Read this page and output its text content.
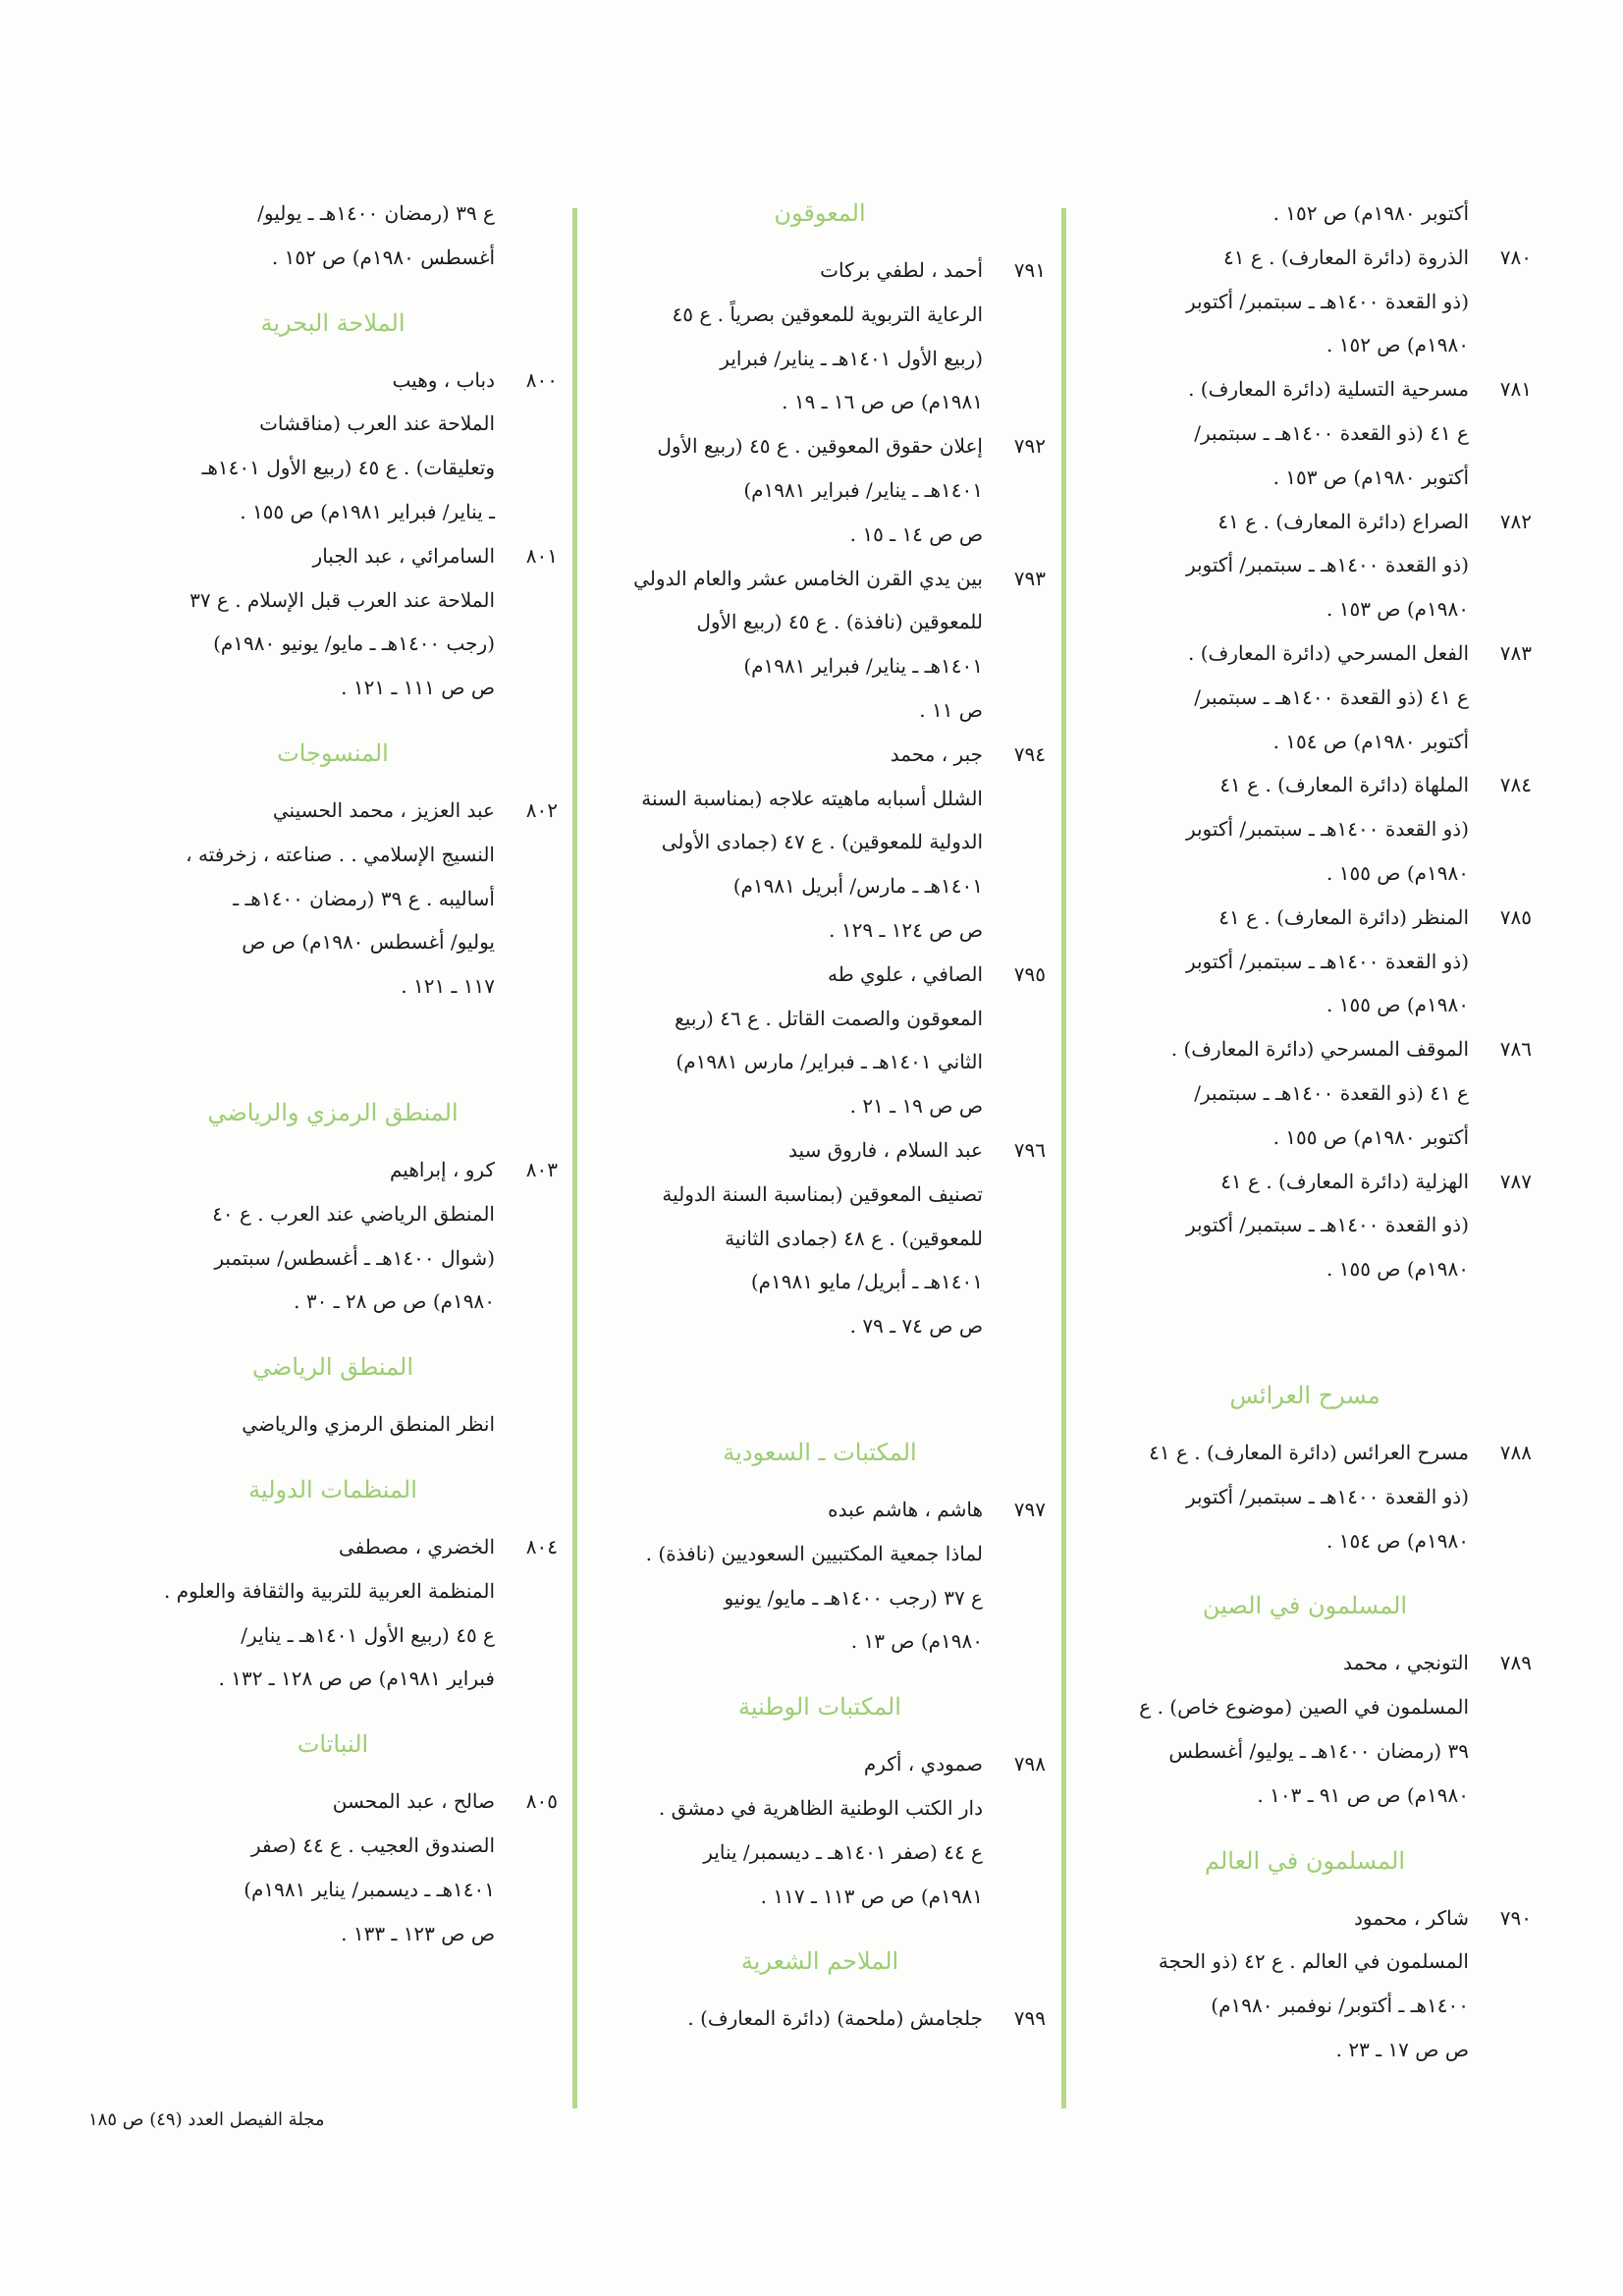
أكتوبر ١٩٨٠م) ص ١٥٢ .
٧٨٠
الذروة (دائرة المعارف) . ع ٤١
(ذو القعدة ١٤٠٠هـ ـ سبتمبر/ أكتوبر
١٩٨٠م) ص ١٥٢ .
٧٨١
مسرحية التسلية (دائرة المعارف) .
ع ٤١ (ذو القعدة ١٤٠٠هـ ـ سبتمبر/
أكتوبر ١٩٨٠م) ص ١٥٣ .
٧٨٢
الصراع (دائرة المعارف) . ع ٤١
(ذو القعدة ١٤٠٠هـ ـ سبتمبر/ أكتوبر
١٩٨٠م) ص ١٥٣ .
٧٨٣
الفعل المسرحي (دائرة المعارف) .
ع ٤١ (ذو القعدة ١٤٠٠هـ ـ سبتمبر/
أكتوبر ١٩٨٠م) ص ١٥٤ .
٧٨٤
الملهاة (دائرة المعارف) . ع ٤١
(ذو القعدة ١٤٠٠هـ ـ سبتمبر/ أكتوبر
١٩٨٠م) ص ١٥٥ .
٧٨٥
المنظر (دائرة المعارف) . ع ٤١
(ذو القعدة ١٤٠٠هـ ـ سبتمبر/ أكتوبر
١٩٨٠م) ص ١٥٥ .
٧٨٦
الموقف المسرحي (دائرة المعارف) .
ع ٤١ (ذو القعدة ١٤٠٠هـ ـ سبتمبر/
أكتوبر ١٩٨٠م) ص ١٥٥ .
٧٨٧
الهزلية (دائرة المعارف) . ع ٤١
(ذو القعدة ١٤٠٠هـ ـ سبتمبر/ أكتوبر
١٩٨٠م) ص ١٥٥ .
مسرح العرائس
٧٨٨
مسرح العرائس (دائرة المعارف) . ع ٤١
(ذو القعدة ١٤٠٠هـ ـ سبتمبر/ أكتوبر
١٩٨٠م) ص ١٥٤ .
المسلمون في الصين
٧٨٩
التونجي ، محمد
المسلمون في الصين (موضوع خاص) . ع
٣٩ (رمضان ١٤٠٠هـ ـ يوليو/ أغسطس
١٩٨٠م) ص ص ٩١ ـ ١٠٣ .
المسلمون في العالم
٧٩٠
شاكر ، محمود
المسلمون في العالم . ع ٤٢ (ذو الحجة
١٤٠٠هـ ـ أكتوبر/ نوفمبر ١٩٨٠م)
ص ص ١٧ ـ ٢٣ .
المعوقون
٧٩١
أحمد ، لطفي بركات
الرعاية التربوية للمعوقين بصرياً . ع ٤٥
(ربيع الأول ١٤٠١هـ ـ يناير/ فبراير
١٩٨١م) ص ص ١٦ ـ ١٩ .
٧٩٢
إعلان حقوق المعوقين . ع ٤٥ (ربيع الأول
١٤٠١هـ ـ يناير/ فبراير ١٩٨١م)
ص ص ١٤ ـ ١٥ .
٧٩٣
بين يدي القرن الخامس عشر والعام الدولي
للمعوقين (نافذة) . ع ٤٥ (ربيع الأول
١٤٠١هـ ـ يناير/ فبراير ١٩٨١م)
ص ١١ .
٧٩٤
جبر ، محمد
الشلل أسبابه ماهيته علاجه (بمناسبة السنة
الدولية للمعوقين) . ع ٤٧ (جمادى الأولى
١٤٠١هـ ـ مارس/ أبريل ١٩٨١م)
ص ص ١٢٤ ـ ١٢٩ .
٧٩٥
الصافي ، علوي طه
المعوقون والصمت القاتل . ع ٤٦ (ربيع
الثاني ١٤٠١هـ ـ فبراير/ مارس ١٩٨١م)
ص ص ١٩ ـ ٢١ .
٧٩٦
عبد السلام ، فاروق سيد
تصنيف المعوقين (بمناسبة السنة الدولية
للمعوقين) . ع ٤٨ (جمادى الثانية
١٤٠١هـ ـ أبريل/ مايو ١٩٨١م)
ص ص ٧٤ ـ ٧٩ .
المكتبات ـ السعودية
٧٩٧
هاشم ، هاشم عبده
لماذا جمعية المكتبيين السعوديين (نافذة) .
ع ٣٧ (رجب ١٤٠٠هـ ـ مايو/ يونيو
١٩٨٠م) ص ١٣ .
المكتبات الوطنية
٧٩٨
صمودي ، أكرم
دار الكتب الوطنية الظاهرية في دمشق .
ع ٤٤ (صفر ١٤٠١هـ ـ ديسمبر/ يناير
١٩٨١م) ص ص ١١٣ ـ ١١٧ .
الملاحم الشعرية
٧٩٩
جلجامش (ملحمة) (دائرة المعارف) .
ع ٣٩ (رمضان ١٤٠٠هـ ـ يوليو/
أغسطس ١٩٨٠م) ص ١٥٢ .
الملاحة البحرية
٨٠٠
دباب ، وهيب
الملاحة عند العرب (مناقشات
وتعليقات) . ع ٤٥ (ربيع الأول ١٤٠١هـ
ـ يناير/ فبراير ١٩٨١م) ص ١٥٥ .
٨٠١
السامرائي ، عبد الجبار
الملاحة عند العرب قبل الإسلام . ع ٣٧
(رجب ١٤٠٠هـ ـ مايو/ يونيو ١٩٨٠م)
ص ص ١١١ ـ ١٢١ .
المنسوجات
٨٠٢
عبد العزيز ، محمد الحسيني
النسيج الإسلامي . . صناعته ، زخرفته ،
أساليبه . ع ٣٩ (رمضان ١٤٠٠هـ ـ
يوليو/ أغسطس ١٩٨٠م) ص ص
١١٧ ـ ١٢١ .
المنطق الرمزي والرياضي
٨٠٣
كرو ، إبراهيم
المنطق الرياضي عند العرب . ع ٤٠
(شوال ١٤٠٠هـ ـ أغسطس/ سبتمبر
١٩٨٠م) ص ص ٢٨ ـ ٣٠ .
المنطق الرياضي
انظر المنطق الرمزي والرياضي
المنظمات الدولية
٨٠٤
الخضري ، مصطفى
المنظمة العربية للتربية والثقافة والعلوم .
ع ٤٥ (ربيع الأول ١٤٠١هـ ـ يناير/
فبراير ١٩٨١م) ص ص ١٢٨ ـ ١٣٢ .
النباتات
٨٠٥
صالح ، عبد المحسن
الصندوق العجيب . ع ٤٤ (صفر
١٤٠١هـ ـ ديسمبر/ يناير ١٩٨١م)
ص ص ١٢٣ ـ ١٣٣ .
مجلة الفيصل العدد (٤٩) ص ١٨٥
